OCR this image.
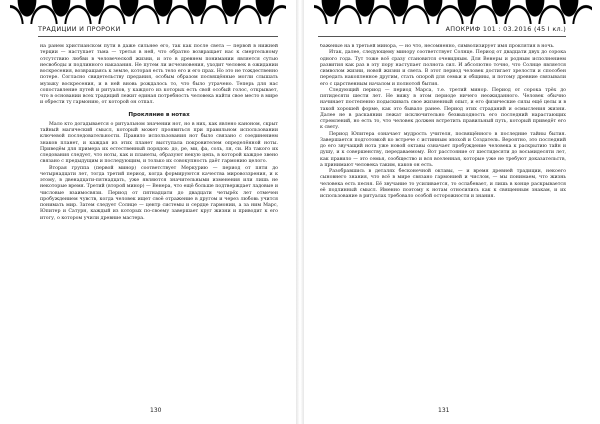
ТРАДИЦИИ И ПРОРОКИ	АПОКРИФ 101 : 03.2016 (45 I кл.)

на ранем христианском пути в даже сильнее его, так как после света — первой в нижней терции — наступает тьма — третья в ней, что обратно возвращает нас к смертельному отсутствию любви в человеческой жизни, и это в древнем понимании является сутью несвободы и подлинного наказания. Не путем ли исчезновения, уходит человек в ожидании воскресения, возвращаясь к земле, которая есть тело его и его прах. Но это не тождественно потере. Согласно свидетельству предания, особым образом посвящённые могли слышать музыку воскресения, и в ней вновь рождалось то, что было утрачено. Теперь для нас сопоставление путей и ритуалов, у каждого из которых есть свой особый голос, открывает, что в основании всех традиций лежит единая потребность человека найти свое место в мире и обрести ту гармонию, от которой он отпал.

Прокляние в нотах

Мало кто догадывается о ритуальном значении нот, но в них, как явлено каноном, скрыт тайный магический смысл, который может проявиться при правильном использовании ключевой последовательности. Правило использования нот было связано с соединением знаков планет, и каждая из этих планет выступала покровителем определённой ноты. Приведём для примера их естественный порядок: до, ре, ми, фа, соль, ля, си. Из такого их следования следует, что ноты, как и планеты, образуют некую цепь, в которой каждое звено связано с предыдущим и последующим, и только их совокупность даёт гармонию целого.

Вторая группа (первой минор) соответствует Меркурию — период от пяти до четырнадцати лет, тогда третий период, когда формируются качества мировоззрения, и к этому, в двенадцати-пятнадцать, уже являются значительными изменения или лишь не некоторые время. Третий (второй минор) — Венера, что ещё больше подтверждает ладовые и числовые взаимосвязи. Период от пятнадцати до двадцати четырёх лет отмечен пробуждением чувств, когда человек ищет своё отражение в другом и через любовь учится понимать мир. Затем следует Солнце — центр системы и сердце гармонии, а за ним Марс, Юпитер и Сатурн, каждый из которых по-своему завершает круг жизни и приводит к его итогу, о котором учили древние мастера.

баженые на в третьей минора, — но что, несомненно, символизирует имя проклятия в ночь.

Итак, далее, следующему минору соответствует Солнце. Период от двадцати двух до сорока одного года. Тут тоже всё сразу становится очевидным. Для Венеры и родным исполнением развития как раз в эту пору наступает полнота сил. И абсолютно точно, что Солнце является символом жизни, новой жизни и света. В этот период человек достигает зрелости и способен передать накопленное другим, стать опорой для семьи и общины, и потому древние связывали его с царственным началом и полнотой бытия.

Следующий период — период Марса, т.е. третий минор. Период от сорока трёх до пятидесяти шести лет. Не вижу в этом периоде ничего неожиданного. Человек обычно начинает постепенно подыскивать свое жизненный опыт, и его физические силы ещё целы и в такой хорошей форме, как это бывало ранее. Период этих страданий и осмысления жизни. Далее не в раскаянии лежат исключительно безвыходность его последний нарастающих стремлений, но есть то, что человек должен встретить правильный путь, который приведёт его к свету.

Период Юпитера означает мудрость учителя, посвящённого в последние тайны бытия. Завершается подготовкой ко встрече с истинным эпохой и Создатель. Вероятно, это последний до его звучащий нота уже новой октавы означает пробуждение человека к раскрытию тайн и душу, и к совершенству, передаваемому. Вот расстояние от шестидесяти до восьмидесяти лет, как правило — это семья, сообщество и вся вселенная, которые уже не требуют доказательств, а принимают человека таким, каков он есть.

Разобравшись в деталях бесконечной октавы, — и время древней традиции, некоего сыновнего знания, что всё в мире связано гармонией и числом, — мы понимаем, что жизнь человека есть песня. Её звучание то усиливается, то ослабевает, и лишь в конце раскрывается её подлинный смысл. Именно поэтому к нотам относились как к священным знакам, и их использование в ритуалах требовало особой осторожности и знания.

130	131
